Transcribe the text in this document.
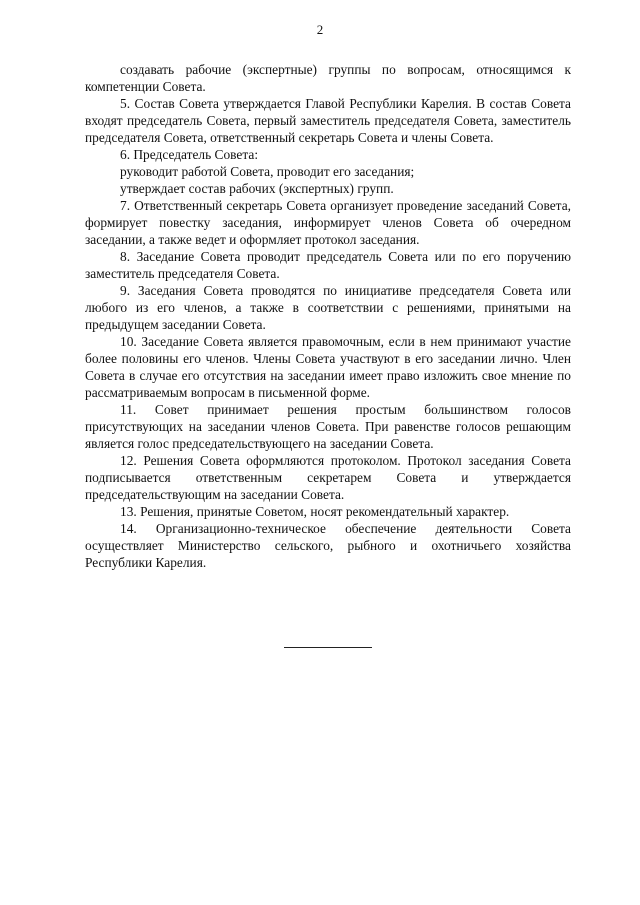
2

создавать рабочие (экспертные) группы по вопросам, относящимся к компетенции Совета.

5. Состав Совета утверждается Главой Республики Карелия. В состав Совета входят председатель Совета, первый заместитель председателя Совета, заместитель председателя Совета, ответственный секретарь Совета и члены Совета.

6. Председатель Совета:

руководит работой Совета, проводит его заседания;

утверждает состав рабочих (экспертных) групп.

7. Ответственный секретарь Совета организует проведение заседаний Совета, формирует повестку заседания, информирует членов Совета об очередном заседании, а также ведет и оформляет протокол заседания.

8. Заседание Совета проводит председатель Совета или по его поручению заместитель председателя Совета.

9. Заседания Совета проводятся по инициативе председателя Совета или любого из его членов, а также в соответствии с решениями, принятыми на предыдущем заседании Совета.

10. Заседание Совета является правомочным, если в нем принимают участие более половины его членов. Члены Совета участвуют в его заседании лично. Член Совета в случае его отсутствия на заседании имеет право изложить свое мнение по рассматриваемым вопросам в письменной форме.

11. Совет принимает решения простым большинством голосов присутствующих на заседании членов Совета. При равенстве голосов решающим является голос председательствующего на заседании Совета.

12. Решения Совета оформляются протоколом. Протокол заседания Совета подписывается ответственным секретарем Совета и утверждается председательствующим на заседании Совета.

13. Решения, принятые Советом, носят рекомендательный характер.

14. Организационно-техническое обеспечение деятельности Совета осуществляет Министерство сельского, рыбного и охотничьего хозяйства Республики Карелия.
